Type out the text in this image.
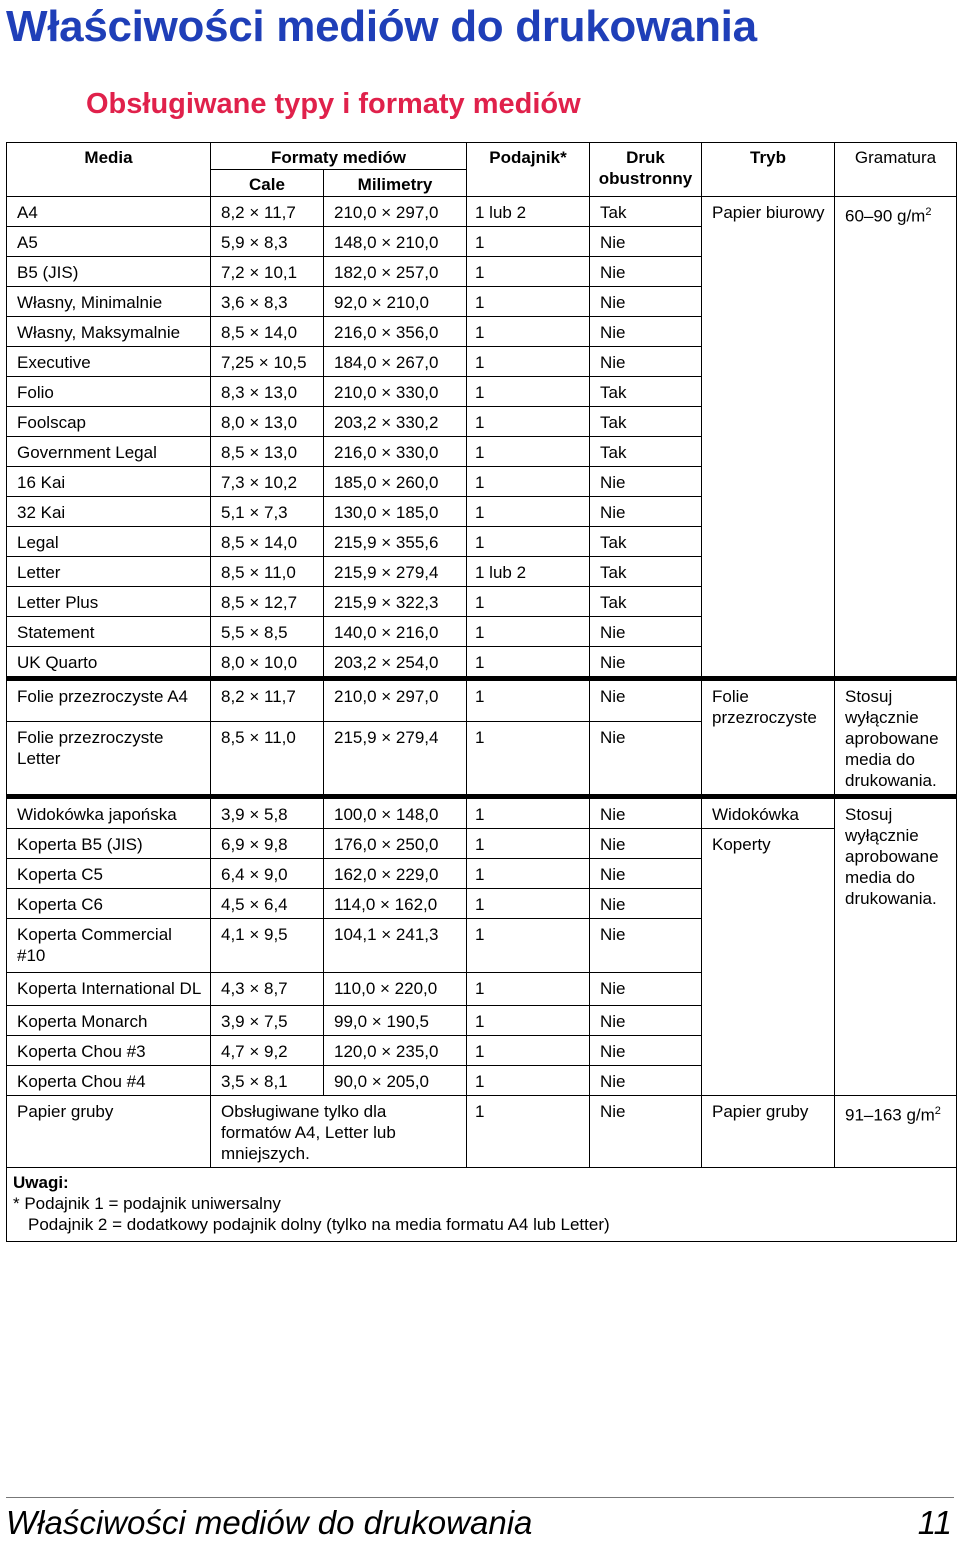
Właściwości mediów do drukowania
Obsługiwane typy i formaty mediów
Media	Formaty mediów		Podajnik*	Druk obustronny	Tryb	Gramatura
	Cale	Milimetry				
A4	8,2 × 11,7	210,0 × 297,0	1 lub 2	Tak	Papier biurowy	60–90 $g/m^2$
A5	5,9 × 8,3	148,0 × 210,0	1	Nie		
B5 (JIS)	7,2 × 10,1	182,0 × 257,0	1	Nie		
Własny, Minimalnie	3,6 × 8,3	92,0 × 210,0	1	Nie		
Własny, Maksymalnie	8,5 × 14,0	216,0 × 356,0	1	Nie		
Executive	7,25 × 10,5	184,0 × 267,0	1	Nie		
Folio	8,3 × 13,0	210,0 × 330,0	1	Tak		
Foolscap	8,0 × 13,0	203,2 × 330,2	1	Tak		
Government Legal	8,5 × 13,0	216,0 × 330,0	1	Tak		
16 Kai	7,3 × 10,2	185,0 × 260,0	1	Nie		
32 Kai	5,1 × 7,3	130,0 × 185,0	1	Nie		
Legal	8,5 × 14,0	215,9 × 355,6	1	Tak		
Letter	8,5 × 11,0	215,9 × 279,4	1 lub 2	Tak		
Letter Plus	8,5 × 12,7	215,9 × 322,3	1	Tak		
Statement	5,5 × 8,5	140,0 × 216,0	1	Nie		
UK Quarto	8,0 × 10,0	203,2 × 254,0	1	Nie		
Folie przezroczyste A4	8,2 × 11,7	210,0 × 297,0	1	Nie	Folie przezroczyste	Stosuj wyłącznie aprobowane media do drukowania.
Folie przezroczyste Letter	8,5 × 11,0	215,9 × 279,4	1	Nie		
Widokówka japońska	3,9 × 5,8	100,0 × 148,0	1	Nie	Widokówka	Stosuj wyłącznie aprobowane media do drukowania.
Koperta B5 (JIS)	6,9 × 9,8	176,0 × 250,0	1	Nie	Koperty	
Koperta C5	6,4 × 9,0	162,0 × 229,0	1	Nie		
Koperta C6	4,5 × 6,4	114,0 × 162,0	1	Nie		
Koperta Commercial #10	4,1 × 9,5	104,1 × 241,3	1	Nie		
Koperta International DL	4,3 × 8,7	110,0 × 220,0	1	Nie		
Koperta Monarch	3,9 × 7,5	99,0 × 190,5	1	Nie		
Koperta Chou #3	4,7 × 9,2	120,0 × 235,0	1	Nie		
Koperta Chou #4	3,5 × 8,1	90,0 × 205,0	1	Nie		
Papier gruby	Obsługiwane tylko dla formatów A4, Letter lub mniejszych.		1	Nie	Papier gruby	91–163 $g/m^2$

Uwagi:
* Podajnik 1 = podajnik uniwersalny
Podajnik 2 = dodatkowy podajnik dolny (tylko na media formatu A4 lub Letter)						
Właściwości mediów do drukowania	11
